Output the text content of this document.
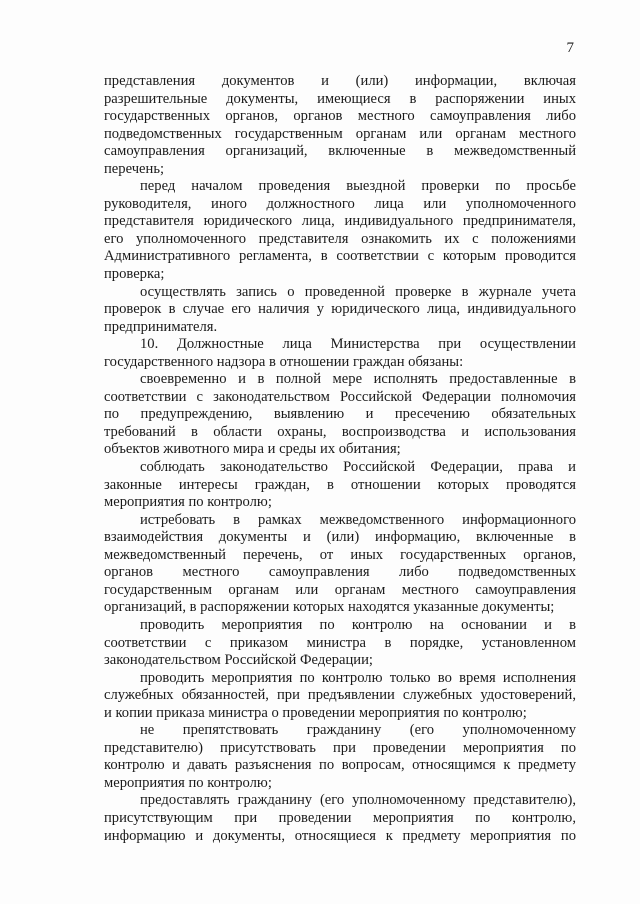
7
представления документов и (или) информации, включая
разрешительные документы, имеющиеся в распоряжении иных
государственных органов, органов местного самоуправления либо
подведомственных государственным органам или органам местного
самоуправления организаций, включенные в межведомственный
перечень;
перед началом проведения выездной проверки по просьбе
руководителя, иного должностного лица или уполномоченного
представителя юридического лица, индивидуального предпринимателя,
его уполномоченного представителя ознакомить их с положениями
Административного регламента, в соответствии с которым проводится
проверка;
осуществлять запись о проведенной проверке в журнале учета
проверок в случае его наличия у юридического лица, индивидуального
предпринимателя.
10. Должностные лица Министерства при осуществлении
государственного надзора в отношении граждан обязаны:
своевременно и в полной мере исполнять предоставленные в
соответствии с законодательством Российской Федерации полномочия
по предупреждению, выявлению и пресечению обязательных
требований в области охраны, воспроизводства и использования
объектов животного мира и среды их обитания;
соблюдать законодательство Российской Федерации, права и
законные интересы граждан, в отношении которых проводятся
мероприятия по контролю;
истребовать в рамках межведомственного информационного
взаимодействия документы и (или) информацию, включенные в
межведомственный перечень, от иных государственных органов,
органов местного самоуправления либо подведомственных
государственным органам или органам местного самоуправления
организаций, в распоряжении которых находятся указанные документы;
проводить мероприятия по контролю на основании и в
соответствии с приказом министра в порядке, установленном
законодательством Российской Федерации;
проводить мероприятия по контролю только во время исполнения
служебных обязанностей, при предъявлении служебных удостоверений,
и копии приказа министра о проведении мероприятия по контролю;
не препятствовать гражданину (его уполномоченному
представителю) присутствовать при проведении мероприятия по
контролю и давать разъяснения по вопросам, относящимся к предмету
мероприятия по контролю;
предоставлять гражданину (его уполномоченному представителю),
присутствующим при проведении мероприятия по контролю,
информацию и документы, относящиеся к предмету мероприятия по
